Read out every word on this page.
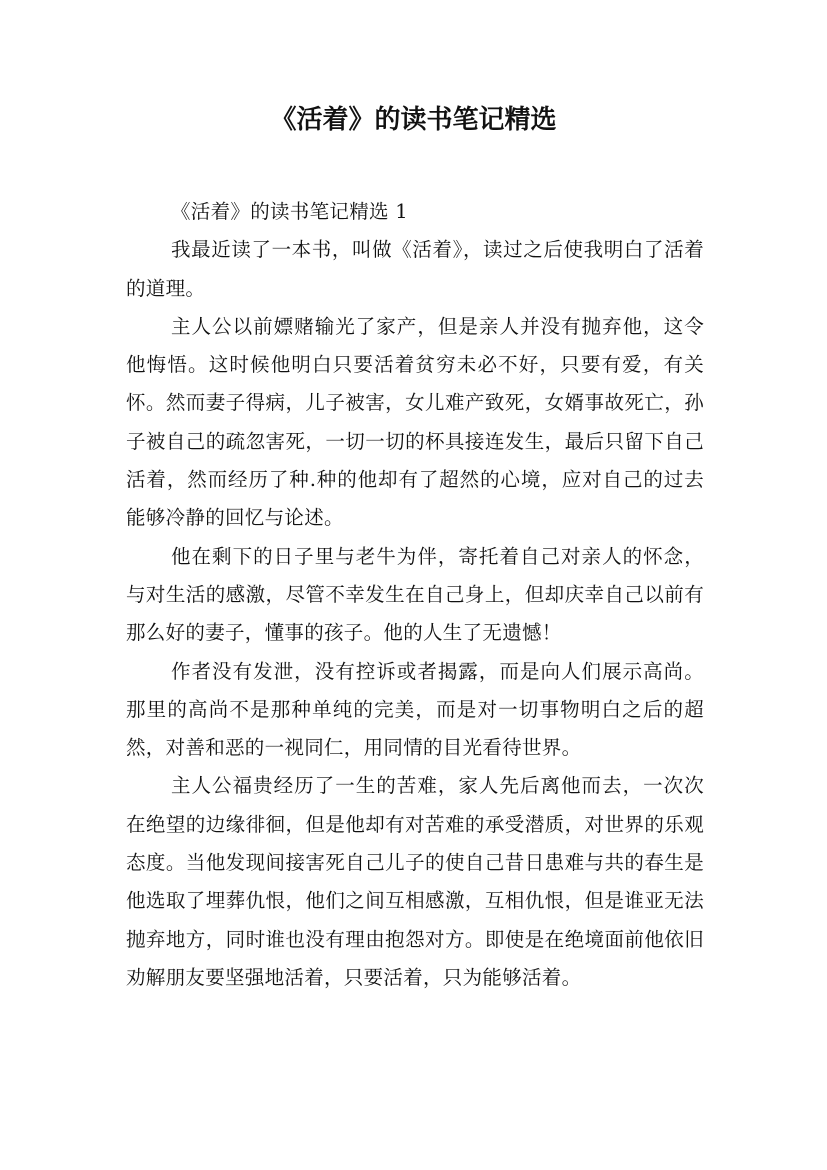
《活着》的读书笔记精选

《活着》的读书笔记精选 1

我最近读了一本书，叫做《活着》，读过之后使我明白了活着的道理。

主人公以前嫖赌输光了家产，但是亲人并没有抛弃他，这令他悔悟。这时候他明白只要活着贫穷未必不好，只要有爱，有关怀。然而妻子得病，儿子被害，女儿难产致死，女婿事故死亡，孙子被自己的疏忽害死，一切一切的杯具接连发生，最后只留下自己活着，然而经历了种.种的他却有了超然的心境，应对自己的过去能够冷静的回忆与论述。

他在剩下的日子里与老牛为伴，寄托着自己对亲人的怀念，与对生活的感激，尽管不幸发生在自己身上，但却庆幸自己以前有那么好的妻子，懂事的孩子。他的人生了无遗憾！

作者没有发泄，没有控诉或者揭露，而是向人们展示高尚。那里的高尚不是那种单纯的完美，而是对一切事物明白之后的超然，对善和恶的一视同仁，用同情的目光看待世界。

主人公福贵经历了一生的苦难，家人先后离他而去，一次次在绝望的边缘徘徊，但是他却有对苦难的承受潜质，对世界的乐观态度。当他发现间接害死自己儿子的使自己昔日患难与共的春生是他选取了埋葬仇恨，他们之间互相感激，互相仇恨，但是谁亚无法抛弃地方，同时谁也没有理由抱怨对方。即使是在绝境面前他依旧劝解朋友要坚强地活着，只要活着，只为能够活着。
